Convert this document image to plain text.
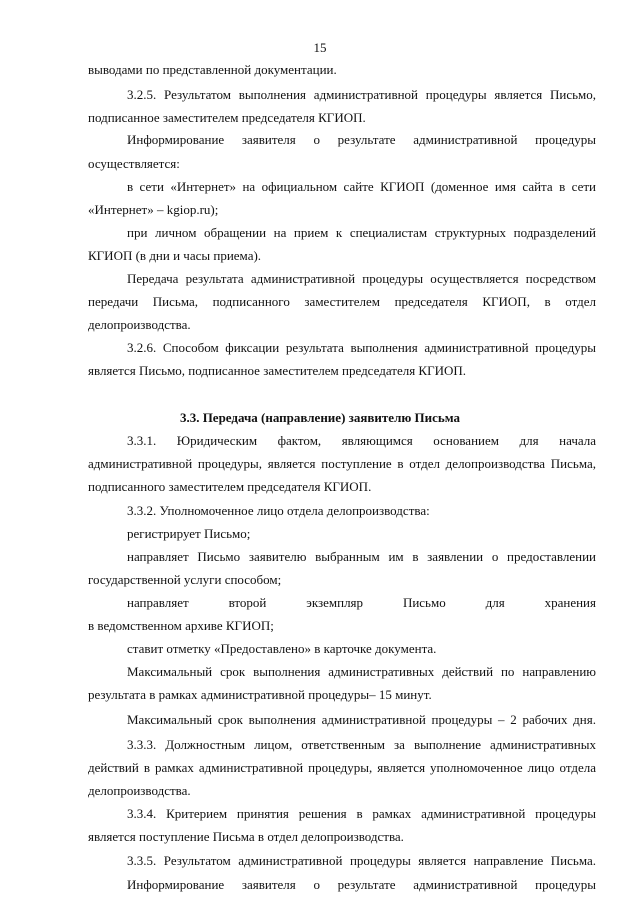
15
выводами по представленной документации.
3.2.5. Результатом выполнения административной процедуры является Письмо,
подписанное заместителем председателя КГИОП.
Информирование заявителя о результате административной процедуры
осуществляется:
в сети «Интернет» на официальном сайте КГИОП (доменное имя сайта в сети
«Интернет» – kgiop.ru);
при личном обращении на прием к специалистам структурных подразделений
КГИОП (в дни и часы приема).
Передача результата административной процедуры осуществляется посредством
передачи Письма, подписанного заместителем председателя КГИОП, в отдел
делопроизводства.
3.2.6. Способом фиксации результата выполнения административной процедуры
является Письмо, подписанное заместителем председателя КГИОП.
3.3. Передача (направление) заявителю Письма
3.3.1. Юридическим фактом, являющимся основанием для начала
административной процедуры, является поступление в отдел делопроизводства Письма,
подписанного заместителем председателя КГИОП.
3.3.2. Уполномоченное лицо отдела делопроизводства:
регистрирует Письмо;
направляет Письмо заявителю выбранным им в заявлении о предоставлении
государственной услуги способом;
направляет второй экземпляр Письмо для хранения
в ведомственном архиве КГИОП;
ставит отметку «Предоставлено» в карточке документа.
Максимальный срок выполнения административных действий по направлению
результата в рамках административной процедуры– 15 минут.
Максимальный срок выполнения административной процедуры – 2 рабочих дня.
3.3.3. Должностным лицом, ответственным за выполнение административных
действий в рамках административной процедуры, является уполномоченное лицо отдела
делопроизводства.
3.3.4. Критерием принятия решения в рамках административной процедуры
является поступление Письма в отдел делопроизводства.
3.3.5. Результатом административной процедуры является направление Письма.
Информирование заявителя о результате административной процедуры
